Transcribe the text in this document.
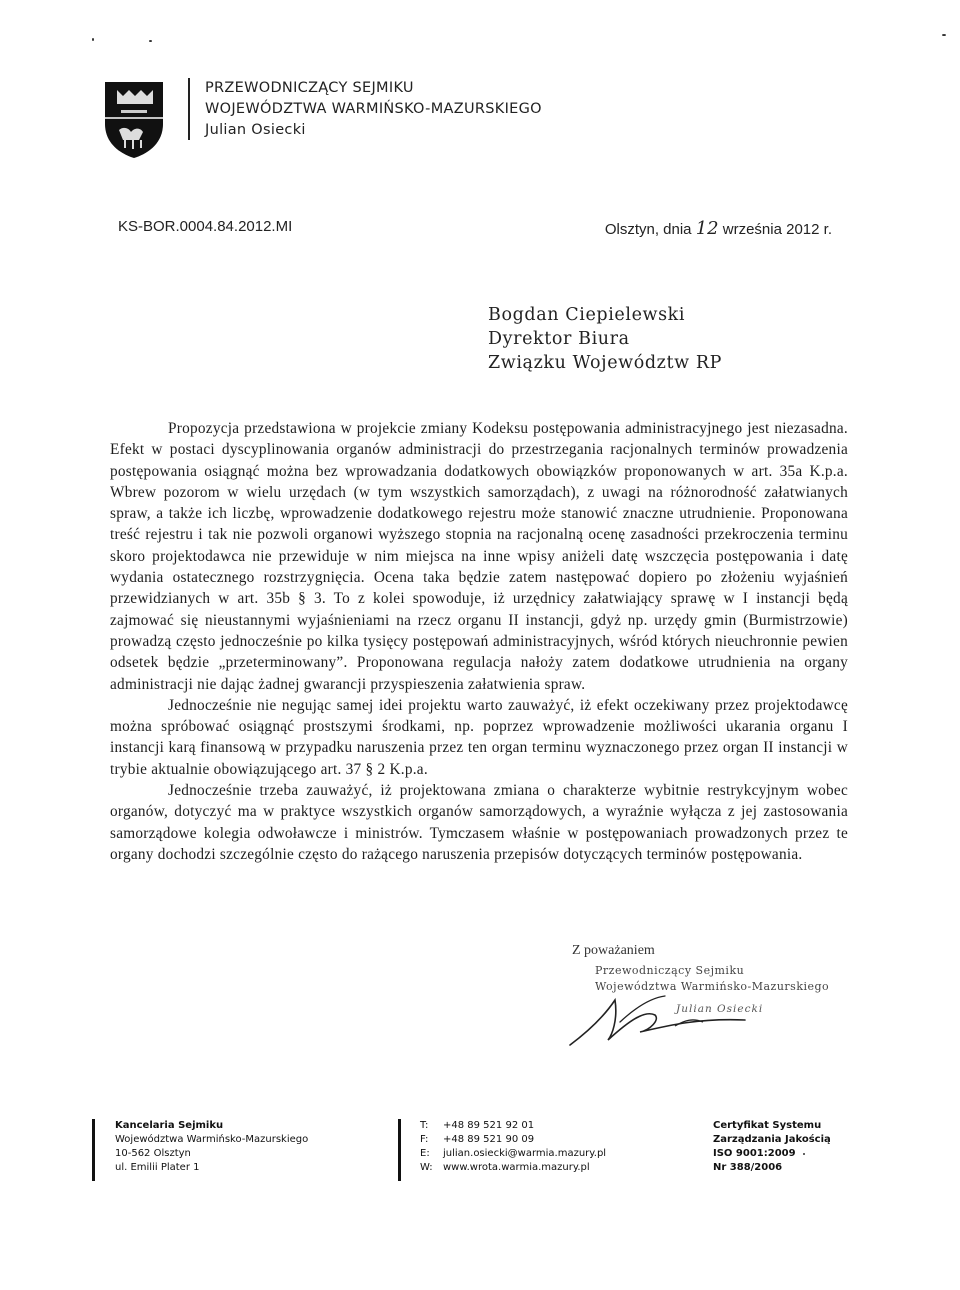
PRZEWODNICZĄCY SEJMIKU
WOJEWÓDZTWA WARMIŃSKO-MAZURSKIEGO
Julian Osiecki
KS-BOR.0004.84.2012.MI	Olsztyn, dnia 12 września 2012 r.
Bogdan Ciepielewski
Dyrektor Biura
Związku Województw RP

Propozycja przedstawiona w projekcie zmiany Kodeksu postępowania administracyjnego jest niezasadna. Efekt w postaci dyscyplinowania organów administracji do przestrzegania racjonalnych terminów prowadzenia postępowania osiągnąć można bez wprowadzania dodatkowych obowiązków proponowanych w art. 35a K.p.a. Wbrew pozorom w wielu urzędach (w tym wszystkich samorządach), z uwagi na różnorodność załatwianych spraw, a także ich liczbę, wprowadzenie dodatkowego rejestru może stanowić znaczne utrudnienie. Proponowana treść rejestru i tak nie pozwoli organowi wyższego stopnia na racjonalną ocenę zasadności przekroczenia terminu skoro projektodawca nie przewiduje w nim miejsca na inne wpisy aniżeli datę wszczęcia postępowania i datę wydania ostatecznego rozstrzygnięcia. Ocena taka będzie zatem następować dopiero po złożeniu wyjaśnień przewidzianych w art. 35b § 3. To z kolei spowoduje, iż urzędnicy załatwiający sprawę w I instancji będą zajmować się nieustannymi wyjaśnieniami na rzecz organu II instancji, gdyż np. urzędy gmin (Burmistrzowie) prowadzą często jednocześnie po kilka tysięcy postępowań administracyjnych, wśród których nieuchronnie pewien odsetek będzie „przeterminowany”. Proponowana regulacja nałoży zatem dodatkowe utrudnienia na organy administracji nie dając żadnej gwarancji przyspieszenia załatwienia spraw.

Jednocześnie nie negując samej idei projektu warto zauważyć, iż efekt oczekiwany przez projektodawcę można spróbować osiągnąć prostszymi środkami, np. poprzez wprowadzenie możliwości ukarania organu I instancji karą finansową w przypadku naruszenia przez ten organ terminu wyznaczonego przez organ II instancji w trybie aktualnie obowiązującego art. 37 § 2 K.p.a.

Jednocześnie trzeba zauważyć, iż projektowana zmiana o charakterze wybitnie restrykcyjnym wobec organów, dotyczyć ma w praktyce wszystkich organów samorządowych, a wyraźnie wyłącza z jej zastosowania samorządowe kolegia odwoławcze i ministrów. Tymczasem właśnie w postępowaniach prowadzonych przez te organy dochodzi szczególnie często do rażącego naruszenia przepisów dotyczących terminów postępowania.

Z poważaniem
Przewodniczący Sejmiku
Województwa Warmińsko-Mazurskiego
Julian Osiecki
Kancelaria Sejmiku
Województwa Warmińsko-Mazurskiego
10-562 Olsztyn
ul. Emilii Plater 1
T:	+48 89 521 92 01
F:	+48 89 521 90 09
E:	julian.osiecki@warmia.mazury.pl
W:	www.wrota.warmia.mazury.pl
Certyfikat Systemu
Zarządzania Jakością
ISO 9001:2009
Nr 388/2006
